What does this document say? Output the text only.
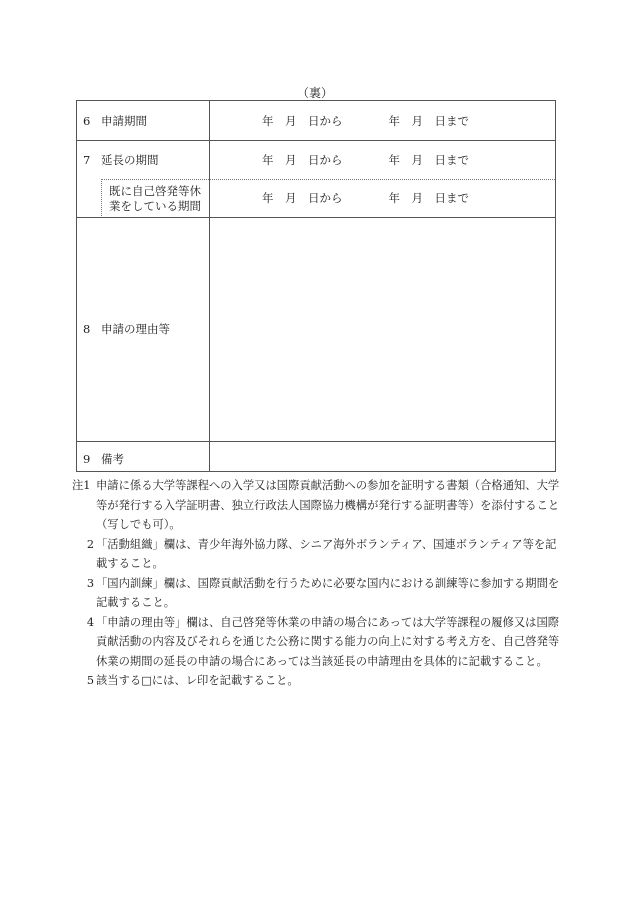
（裏）
6 申請期間	年　月　日から　　　　年　月　日まで
7 延長の期間	年　月　日から　　　　年　月　日まで
既に自己啓発等休
業をしている期間
年　月　日から　　　　年　月　日まで
8 申請の理由等
9 備考
注1 申請に係る大学等課程への入学又は国際貢献活動への参加を証明する書類（合格通知、大学等が発行する入学証明書、独立行政法人国際協力機構が発行する証明書等）を添付すること（写しでも可）。

2 「活動組織」欄は、青少年海外協力隊、シニア海外ボランティア、国連ボランティア等を記載すること。

3 「国内訓練」欄は、国際貢献活動を行うために必要な国内における訓練等に参加する期間を記載すること。

4 「申請の理由等」欄は、自己啓発等休業の申請の場合にあっては大学等課程の履修又は国際貢献活動の内容及びそれらを通じた公務に関する能力の向上に対する考え方を、自己啓発等休業の期間の延長の申請の場合にあっては当該延長の申請理由を具体的に記載すること。

5 該当する□には、レ印を記載すること。
